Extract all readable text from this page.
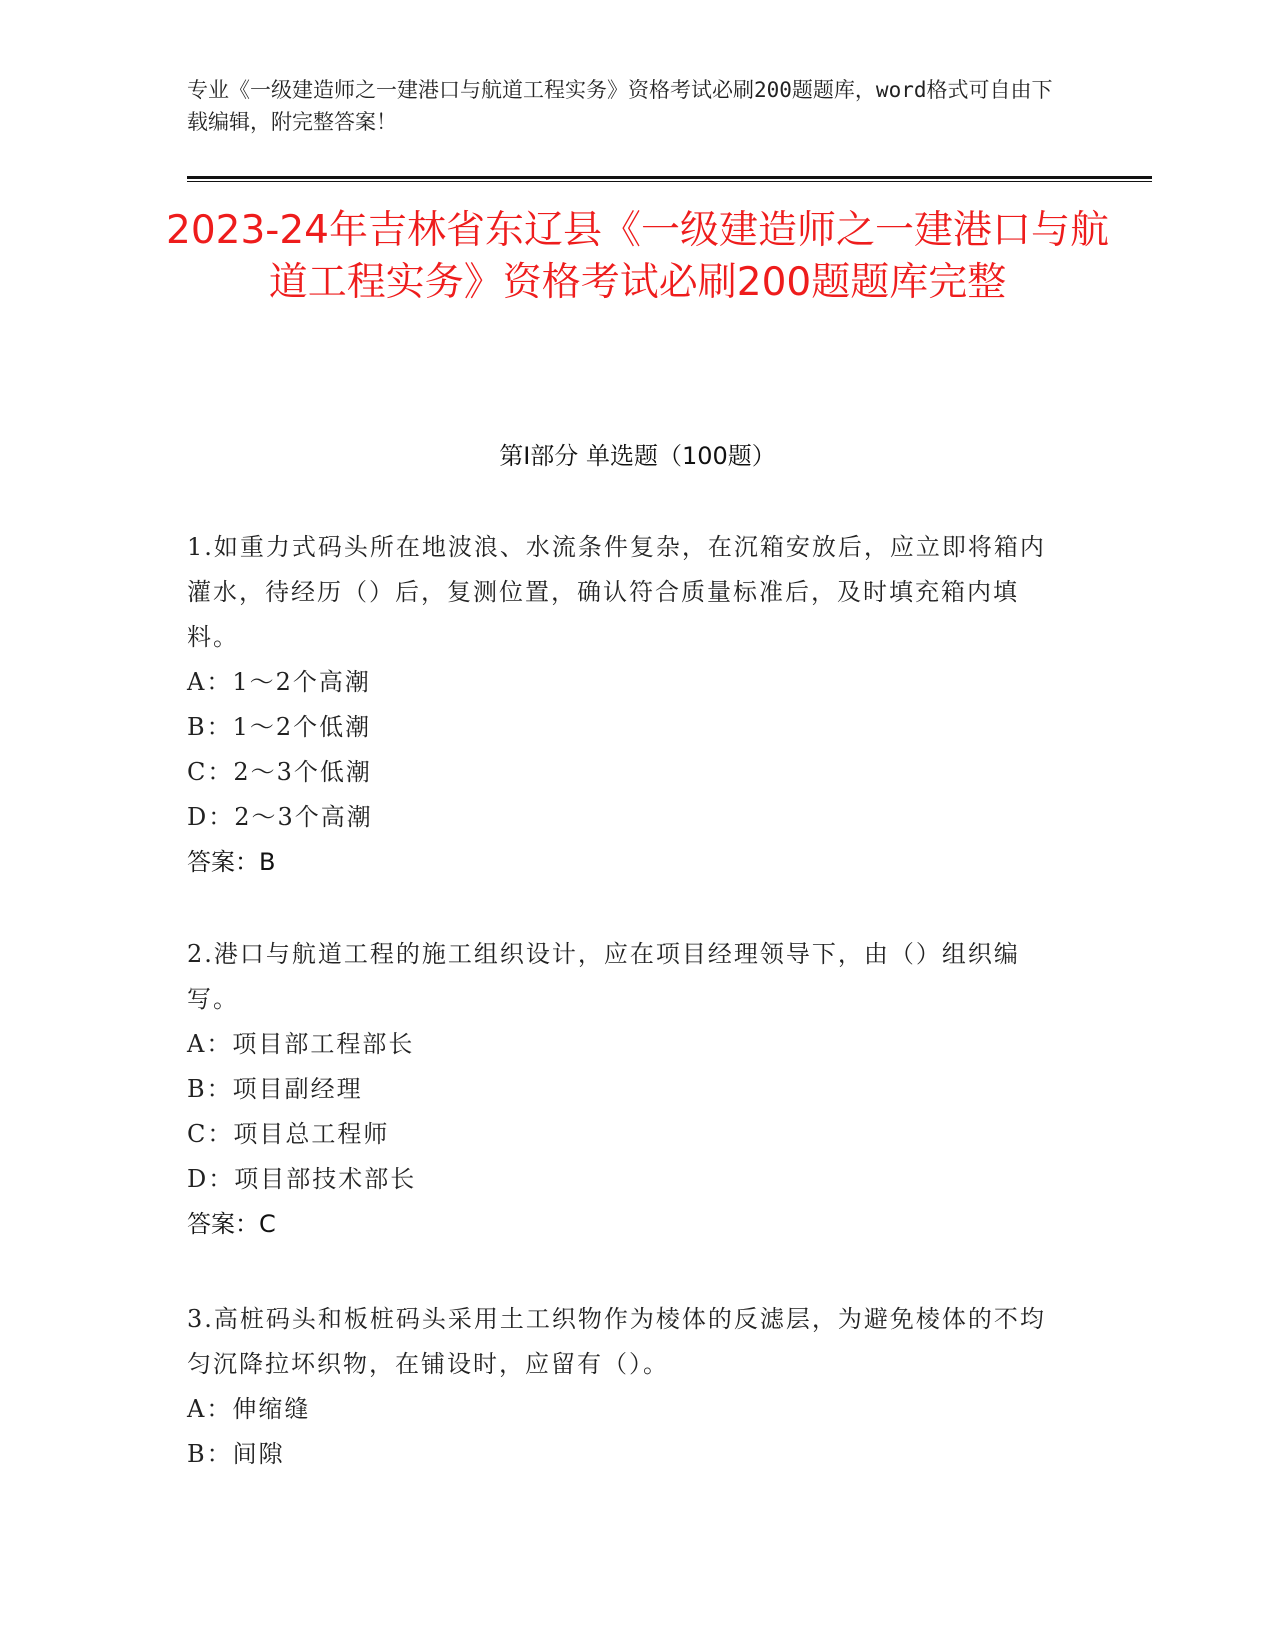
专业《一级建造师之一建港口与航道工程实务》资格考试必刷200题题库，word格式可自由下载编辑，附完整答案！
2023-24年吉林省东辽县《一级建造师之一建港口与航道工程实务》资格考试必刷200题题库完整
第Ⅰ部分 单选题（100题）
1.如重力式码头所在地波浪、水流条件复杂，在沉箱安放后，应立即将箱内灌水，待经历（）后，复测位置，确认符合质量标准后，及时填充箱内填料。
A：1～2个高潮
B：1～2个低潮
C：2～3个低潮
D：2～3个高潮
答案：B
2.港口与航道工程的施工组织设计，应在项目经理领导下，由（）组织编写。
A：项目部工程部长
B：项目副经理
C：项目总工程师
D：项目部技术部长
答案：C
3.高桩码头和板桩码头采用土工织物作为棱体的反滤层，为避免棱体的不均匀沉降拉坏织物，在铺设时，应留有（）。
A：伸缩缝
B：间隙
